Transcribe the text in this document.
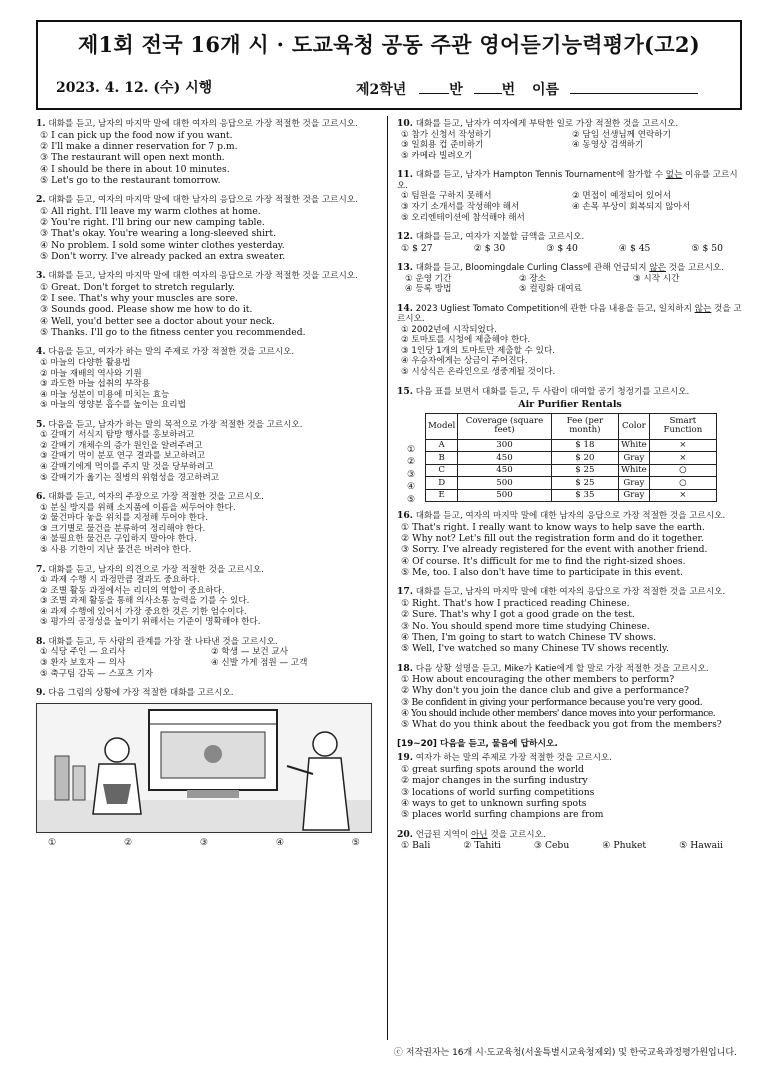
제1회 전국 16개 시 · 도교육청 공동 주관 영어듣기능력평가(고2)
2023. 4. 12. (수) 시행	제2학년	반	번 이름
1. 대화를 듣고, 남자의 마지막 말에 대한 여자의 응답으로 가장 적절한 것을 고르시오.
① I can pick up the food now if you want.
② I'll make a dinner reservation for 7 p.m.
③ The restaurant will open next month.
④ I should be there in about 10 minutes.
⑤ Let's go to the restaurant tomorrow.
2. 대화를 듣고, 여자의 마지막 말에 대한 남자의 응답으로 가장 적절한 것을 고르시오.
① All right. I'll leave my warm clothes at home.
② You're right. I'll bring our new camping table.
③ That's okay. You're wearing a long-sleeved shirt.
④ No problem. I sold some winter clothes yesterday.
⑤ Don't worry. I've already packed an extra sweater.
3. 대화를 듣고, 남자의 마지막 말에 대한 여자의 응답으로 가장 적절한 것을 고르시오.
① Great. Don't forget to stretch regularly.
② I see. That's why your muscles are sore.
③ Sounds good. Please show me how to do it.
④ Well, you'd better see a doctor about your neck.
⑤ Thanks. I'll go to the fitness center you recommended.
4. 다음을 듣고, 여자가 하는 말의 주제로 가장 적절한 것을 고르시오.
① 마늘의 다양한 활용법
② 마늘 재배의 역사와 기원
③ 과도한 마늘 섭취의 부작용
④ 마늘 성분이 미용에 미치는 효능
⑤ 마늘의 영양분 흡수를 높이는 요리법
5. 다음을 듣고, 남자가 하는 말의 목적으로 가장 적절한 것을 고르시오.
① 갈매기 서식지 탐방 행사를 홍보하려고
② 갈매기 개체수의 증가 원인을 알려주려고
③ 갈매기 먹이 분포 연구 결과를 보고하려고
④ 갈매기에게 먹이를 주지 말 것을 당부하려고
⑤ 갈매기가 옮기는 질병의 위험성을 경고하려고
6. 대화를 듣고, 여자의 주장으로 가장 적절한 것을 고르시오.
① 분실 방지를 위해 소지품에 이름을 써두어야 한다.
② 물건마다 놓을 위치를 지정해 두어야 한다.
③ 크기별로 물건을 분류하여 정리해야 한다.
④ 불필요한 물건은 구입하지 말아야 한다.
⑤ 사용 기한이 지난 물건은 버려야 한다.
7. 대화를 듣고, 남자의 의견으로 가장 적절한 것을 고르시오.
① 과제 수행 시 과정만큼 결과도 중요하다.
② 조별 활동 과정에서는 리더의 역할이 중요하다.
③ 조별 과제 활동을 통해 의사소통 능력을 기를 수 있다.
④ 과제 수행에 있어서 가장 중요한 것은 기한 엄수이다.
⑤ 평가의 공정성을 높이기 위해서는 기준이 명확해야 한다.
8. 대화를 듣고, 두 사람의 관계를 가장 잘 나타낸 것을 고르시오.
① 식당 주인 — 요리사	② 학생 — 보건 교사
③ 환자 보호자 — 의사	④ 신발 가게 점원 — 고객
⑤ 축구팀 감독 — 스포츠 기자
9. 다음 그림의 상황에 가장 적절한 대화를 고르시오.
①	②	③	④	⑤
10. 대화를 듣고, 남자가 여자에게 부탁한 일로 가장 적절한 것을 고르시오.
① 참가 신청서 작성하기	② 담임 선생님께 연락하기
③ 일회용 컵 준비하기	④ 동영상 검색하기
⑤ 카메라 빌려오기
11. 대화를 듣고, 남자가 Hampton Tennis Tournament에 참가할 수 없는 이유를 고르시오.
① 팀원을 구하지 못해서	② 면접이 예정되어 있어서
③ 자기 소개서를 작성해야 해서	④ 손목 부상이 회복되지 않아서
⑤ 오리엔테이션에 참석해야 해서
12. 대화를 듣고, 여자가 지불할 금액을 고르시오.
① $ 27	② $ 30	③ $ 40	④ $ 45	⑤ $ 50
13. 대화를 듣고, Bloomingdale Curling Class에 관해 언급되지 않은 것을 고르시오.
① 운영 기간	② 장소	③ 시작 시간
④ 등록 방법	⑤ 컬링화 대여료
14. 2023 Ugliest Tomato Competition에 관한 다음 내용을 듣고, 일치하지 않는 것을 고르시오.
① 2002년에 시작되었다.
② 토마토를 시청에 제출해야 한다.
③ 1인당 1개의 토마토만 제출할 수 있다.
④ 우승자에게는 상금이 주어진다.
⑤ 시상식은 온라인으로 생중계될 것이다.
15. 다음 표를 보면서 대화를 듣고, 두 사람이 대여할 공기 청정기를 고르시오.
Air Purifier Rentals
①
②
③
④
⑤
Model	Coverage (square feet)	Fee (per month)	Color	Smart Function
A	300	$ 18	White	×
B	450	$ 20	Gray	×
C	450	$ 25	White	○
D	500	$ 25	Gray	○
E	500	$ 35	Gray	×
16. 대화를 듣고, 여자의 마지막 말에 대한 남자의 응답으로 가장 적절한 것을 고르시오.
① That's right. I really want to know ways to help save the earth.
② Why not? Let's fill out the registration form and do it together.
③ Sorry. I've already registered for the event with another friend.
④ Of course. It's difficult for me to find the right-sized shoes.
⑤ Me, too. I also don't have time to participate in this event.
17. 대화를 듣고, 남자의 마지막 말에 대한 여자의 응답으로 가장 적절한 것을 고르시오.
① Right. That's how I practiced reading Chinese.
② Sure. That's why I got a good grade on the test.
③ No. You should spend more time studying Chinese.
④ Then, I'm going to start to watch Chinese TV shows.
⑤ Well, I've watched so many Chinese TV shows recently.
18. 다음 상황 설명을 듣고, Mike가 Katie에게 할 말로 가장 적절한 것을 고르시오.
① How about encouraging the other members to perform?
② Why don't you join the dance club and give a performance?
③ Be confident in giving your performance because you're very good.
④ You should include other members' dance moves into your performance.
⑤ What do you think about the feedback you got from the members?
[19~20] 다음을 듣고, 물음에 답하시오.
19. 여자가 하는 말의 주제로 가장 적절한 것을 고르시오.
① great surfing spots around the world
② major changes in the surfing industry
③ locations of world surfing competitions
④ ways to get to unknown surfing spots
⑤ places world surfing champions are from
20. 언급된 지역이 아닌 것을 고르시오.
① Bali	② Tahiti	③ Cebu	④ Phuket	⑤ Hawaii
ⓒ 저작권자는 16개 시·도교육청(서울특별시교육청제외) 및 한국교육과정평가원입니다.
